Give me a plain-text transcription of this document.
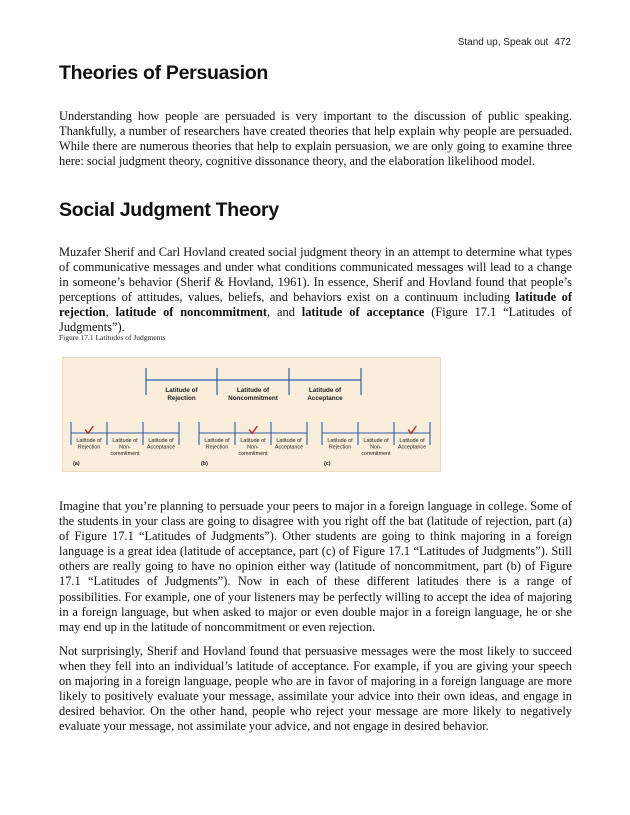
Stand up, Speak out 472
Theories of Persuasion

Understanding how people are persuaded is very important to the discussion of public speaking. Thankfully, a number of researchers have created theories that help explain why people are persuaded. While there are numerous theories that help to explain persuasion, we are only going to examine three here: social judgment theory, cognitive dissonance theory, and the elaboration likelihood model.

Social Judgment Theory

Muzafer Sherif and Carl Hovland created social judgment theory in an attempt to determine what types of communicative messages and under what conditions communicated messages will lead to a change in someone’s behavior (Sherif & Hovland, 1961). In essence, Sherif and Hovland found that people’s perceptions of attitudes, values, beliefs, and behaviors exist on a continuum including latitude of rejection, latitude of noncommitment, and latitude of acceptance (Figure 17.1 “Latitudes of Judgments”).

Figure 17.1 Latitudes of Judgments
Latitude of
Rejection
Latitude of
Noncommitment
Latitude of
Acceptance
Latitude of
Rejection
Latitude of
Non-
commitment
Latitude of
Acceptance
(a)
Latitude of
Rejection
Latitude of
Non-
commitment
Latitude of
Acceptance
(b)
Latitude of
Rejection
Latitude of
Non-
commitment
Latitude of
Acceptance
(c)

Imagine that you’re planning to persuade your peers to major in a foreign language in college. Some of the students in your class are going to disagree with you right off the bat (latitude of rejection, part (a) of Figure 17.1 “Latitudes of Judgments”). Other students are going to think majoring in a foreign language is a great idea (latitude of acceptance, part (c) of Figure 17.1 “Latitudes of Judgments”). Still others are really going to have no opinion either way (latitude of noncommitment, part (b) of Figure 17.1 “Latitudes of Judgments”). Now in each of these different latitudes there is a range of possibilities. For example, one of your listeners may be perfectly willing to accept the idea of majoring in a foreign language, but when asked to major or even double major in a foreign language, he or she may end up in the latitude of noncommitment or even rejection.

Not surprisingly, Sherif and Hovland found that persuasive messages were the most likely to succeed when they fell into an individual’s latitude of acceptance. For example, if you are giving your speech on majoring in a foreign language, people who are in favor of majoring in a foreign language are more likely to positively evaluate your message, assimilate your advice into their own ideas, and engage in desired behavior. On the other hand, people who reject your message are more likely to negatively evaluate your message, not assimilate your advice, and not engage in desired behavior.
